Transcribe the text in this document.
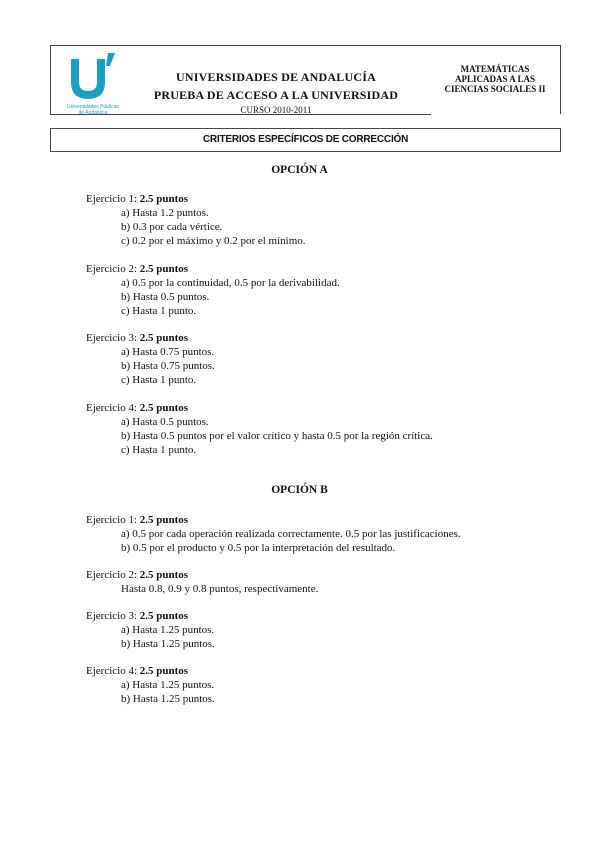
Universidades Públicas
de Andalucía
UNIVERSIDADES DE ANDALUCÍA
PRUEBA DE ACCESO A LA UNIVERSIDAD
CURSO 2010-2011
MATEMÁTICAS
APLICADAS A LAS
CIENCIAS SOCIALES II
CRITERIOS ESPECÍFICOS DE CORRECCIÓN
OPCIÓN A
Ejercicio 1: 2.5 puntos
a) Hasta 1.2 puntos.
b) 0.3 por cada vértice.
c) 0.2 por el máximo y 0.2 por el mínimo.
Ejercicio 2: 2.5 puntos
a) 0.5 por la continuidad, 0.5 por la derivabilidad.
b) Hasta 0.5 puntos.
c) Hasta 1 punto.
Ejercicio 3: 2.5 puntos
a) Hasta 0.75 puntos.
b) Hasta 0.75 puntos.
c) Hasta 1 punto.
Ejercicio 4: 2.5 puntos
a) Hasta 0.5 puntos.
b) Hasta 0.5 puntos por el valor crítico y hasta 0.5 por la región crítica.
c) Hasta 1 punto.
OPCIÓN B
Ejercicio 1: 2.5 puntos
a) 0.5 por cada operación realizada correctamente. 0.5 por las justificaciones.
b) 0.5 por el producto y 0.5 por la interpretación del resultado.
Ejercicio 2: 2.5 puntos
Hasta 0.8, 0.9 y 0.8 puntos, respectivamente.
Ejercicio 3: 2.5 puntos
a) Hasta 1.25 puntos.
b) Hasta 1.25 puntos.
Ejercicio 4: 2.5 puntos
a) Hasta 1.25 puntos.
b) Hasta 1.25 puntos.
